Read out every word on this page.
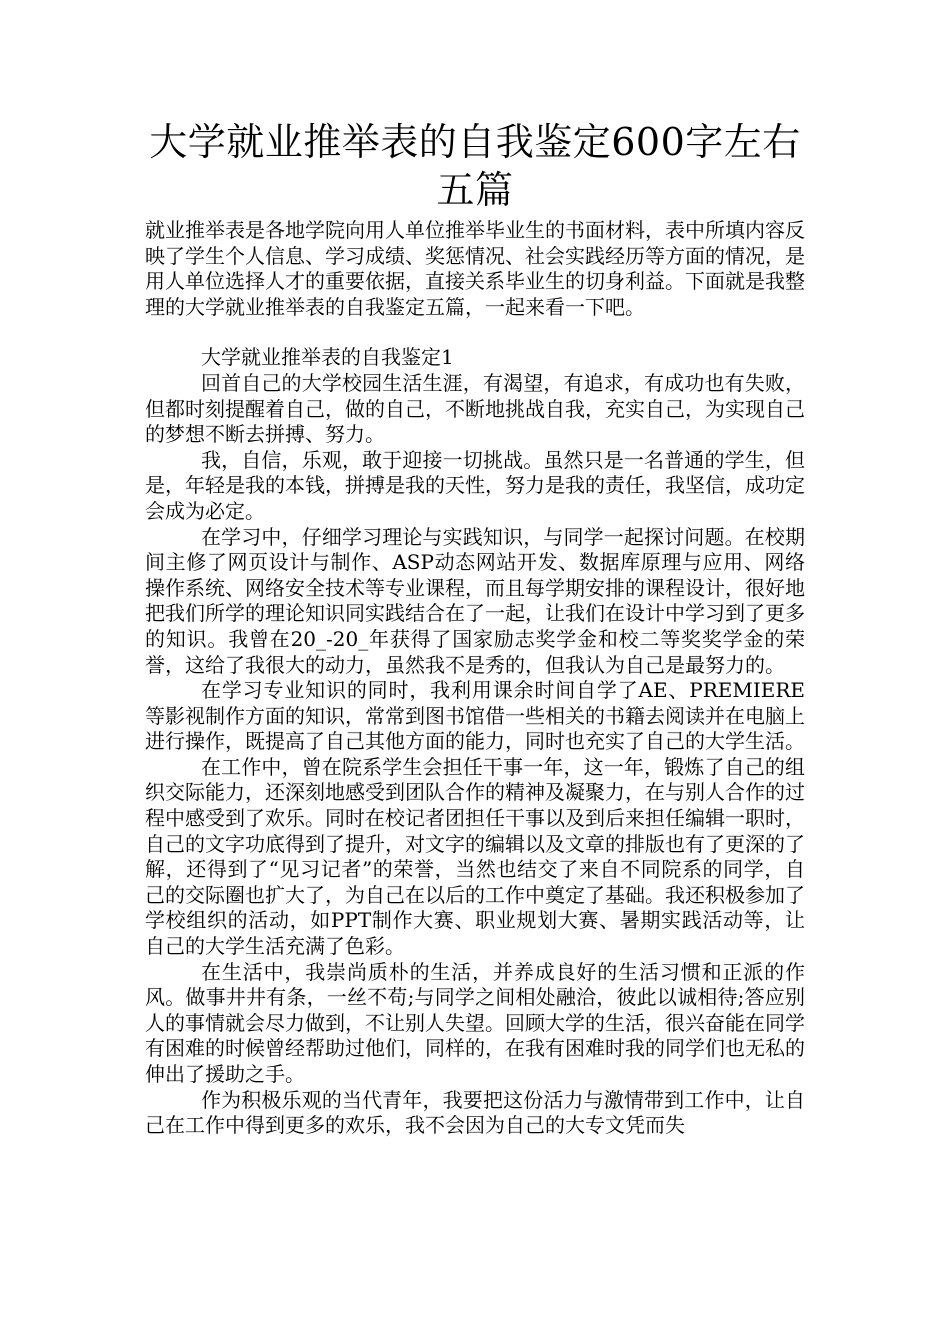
大学就业推举表的自我鉴定600字左右五篇

就业推举表是各地学院向用人单位推举毕业生的书面材料，表中所填内容反映了学生个人信息、学习成绩、奖惩情况、社会实践经历等方面的情况，是用人单位选择人才的重要依据，直接关系毕业生的切身利益。下面就是我整理的大学就业推举表的自我鉴定五篇，一起来看一下吧。

大学就业推举表的自我鉴定1

回首自己的大学校园生活生涯，有渴望，有追求，有成功也有失败，但都时刻提醒着自己，做的自己，不断地挑战自我，充实自己，为实现自己的梦想不断去拼搏、努力。

我，自信，乐观，敢于迎接一切挑战。虽然只是一名普通的学生，但是，年轻是我的本钱，拼搏是我的天性，努力是我的责任，我坚信，成功定会成为必定。

在学习中，仔细学习理论与实践知识，与同学一起探讨问题。在校期间主修了网页设计与制作、ASP动态网站开发、数据库原理与应用、网络操作系统、网络安全技术等专业课程，而且每学期安排的课程设计，很好地把我们所学的理论知识同实践结合在了一起，让我们在设计中学习到了更多的知识。我曾在20_-20_年获得了国家励志奖学金和校二等奖奖学金的荣誉，这给了我很大的动力，虽然我不是秀的，但我认为自己是最努力的。

在学习专业知识的同时，我利用课余时间自学了AE、PREMIERE等影视制作方面的知识，常常到图书馆借一些相关的书籍去阅读并在电脑上进行操作，既提高了自己其他方面的能力，同时也充实了自己的大学生活。

在工作中，曾在院系学生会担任干事一年，这一年，锻炼了自己的组织交际能力，还深刻地感受到团队合作的精神及凝聚力，在与别人合作的过程中感受到了欢乐。同时在校记者团担任干事以及到后来担任编辑一职时，自己的文字功底得到了提升，对文字的编辑以及文章的排版也有了更深的了解，还得到了“见习记者”的荣誉，当然也结交了来自不同院系的同学，自己的交际圈也扩大了，为自己在以后的工作中奠定了基础。我还积极参加了学校组织的活动，如PPT制作大赛、职业规划大赛、暑期实践活动等，让自己的大学生活充满了色彩。

在生活中，我崇尚质朴的生活，并养成良好的生活习惯和正派的作风。做事井井有条，一丝不苟;与同学之间相处融洽，彼此以诚相待;答应别人的事情就会尽力做到，不让别人失望。回顾大学的生活，很兴奋能在同学有困难的时候曾经帮助过他们，同样的，在我有困难时我的同学们也无私的伸出了援助之手。

作为积极乐观的当代青年，我要把这份活力与激情带到工作中，让自己在工作中得到更多的欢乐，我不会因为自己的大专文凭而失
